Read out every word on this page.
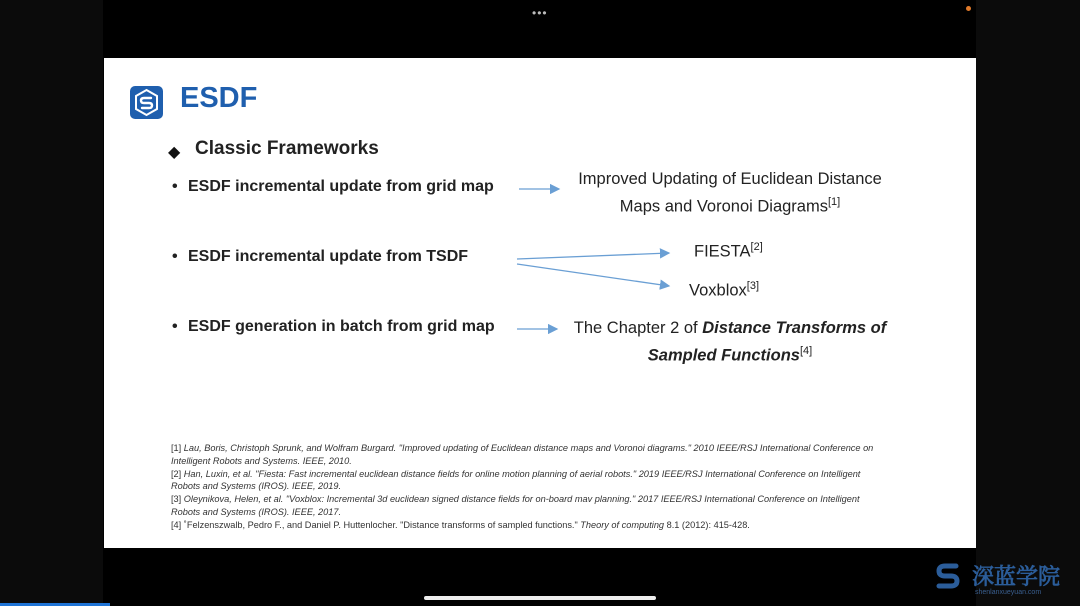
•••
ESDF
◆ Classic Frameworks
• ESDF incremental update from grid map
• ESDF incremental update from TSDF
• ESDF generation in batch from grid map
Improved Updating of Euclidean Distance
Maps and Voronoi Diagrams[1]
FIESTA[2]
Voxblox[3]
The Chapter 2 of Distance Transforms of
Sampled Functions[4]
[1] Lau, Boris, Christoph Sprunk, and Wolfram Burgard. "Improved updating of Euclidean distance maps and Voronoi diagrams." 2010 IEEE/RSJ International Conference on Intelligent Robots and Systems. IEEE, 2010.
[2] Han, Luxin, et al. "Fiesta: Fast incremental euclidean distance fields for online motion planning of aerial robots." 2019 IEEE/RSJ International Conference on Intelligent Robots and Systems (IROS). IEEE, 2019.
[3] Oleynikova, Helen, et al. "Voxblox: Incremental 3d euclidean signed distance fields for on-board mav planning." 2017 IEEE/RSJ International Conference on Intelligent Robots and Systems (IROS). IEEE, 2017.
[4] ˚Felzenszwalb, Pedro F., and Daniel P. Huttenlocher. "Distance transforms of sampled functions." Theory of computing 8.1 (2012): 415-428.
深蓝学院
shenlanxueyuan.com
